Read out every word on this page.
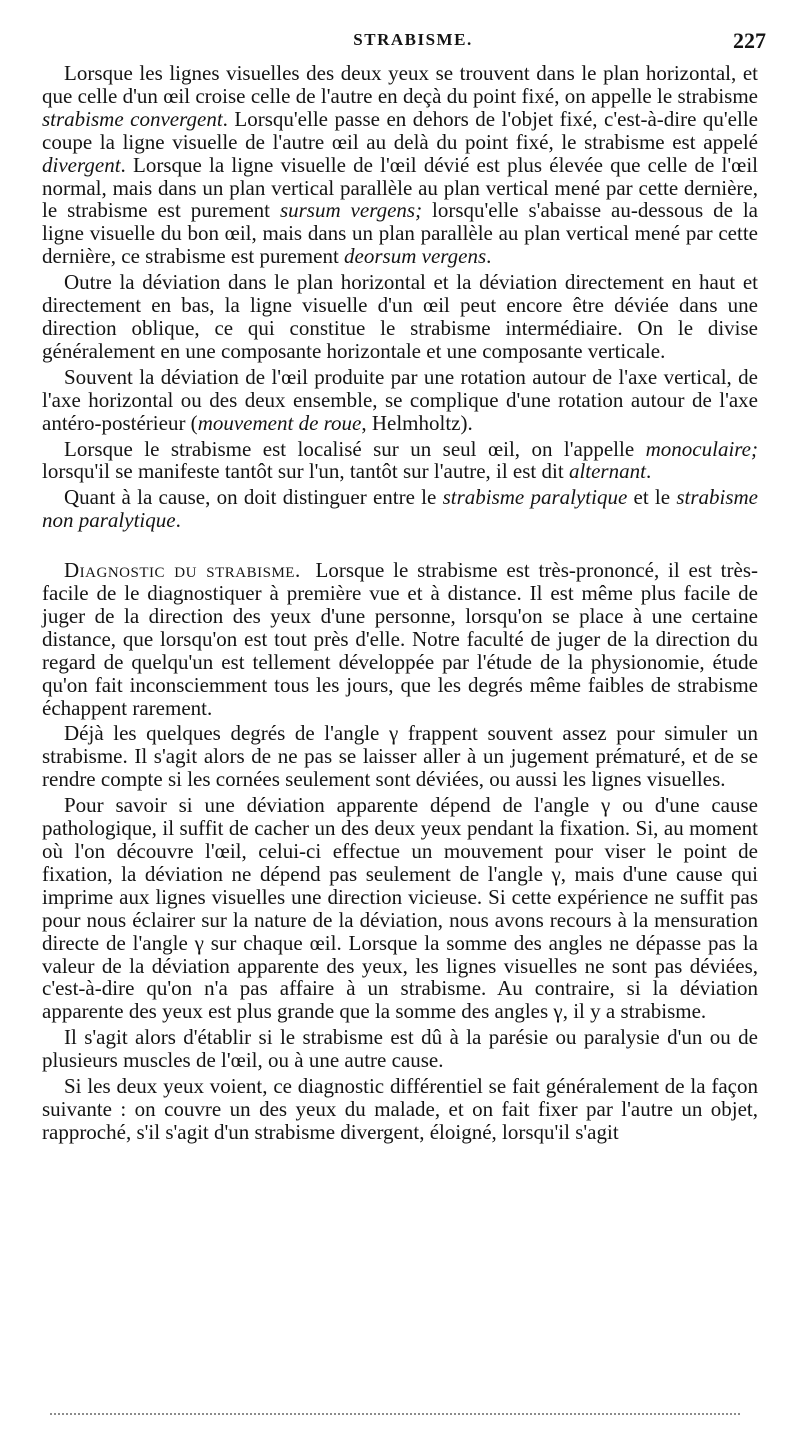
STRABISME.	227

Lorsque les lignes visuelles des deux yeux se trouvent dans le plan horizontal, et que celle d'un œil croise celle de l'autre en deçà du point fixé, on appelle le strabisme strabisme convergent. Lorsqu'elle passe en dehors de l'objet fixé, c'est-à-dire qu'elle coupe la ligne visuelle de l'autre œil au delà du point fixé, le strabisme est appelé divergent. Lorsque la ligne visuelle de l'œil dévié est plus élevée que celle de l'œil normal, mais dans un plan vertical parallèle au plan vertical mené par cette dernière, le strabisme est purement sursum vergens; lorsqu'elle s'abaisse au-dessous de la ligne visuelle du bon œil, mais dans un plan parallèle au plan vertical mené par cette dernière, ce strabisme est purement deorsum vergens.

Outre la déviation dans le plan horizontal et la déviation directement en haut et directement en bas, la ligne visuelle d'un œil peut encore être déviée dans une direction oblique, ce qui constitue le strabisme intermédiaire. On le divise généralement en une composante horizontale et une composante verticale.

Souvent la déviation de l'œil produite par une rotation autour de l'axe vertical, de l'axe horizontal ou des deux ensemble, se complique d'une rotation autour de l'axe antéro-postérieur (mouvement de roue, Helmholtz).

Lorsque le strabisme est localisé sur un seul œil, on l'appelle monoculaire; lorsqu'il se manifeste tantôt sur l'un, tantôt sur l'autre, il est dit alternant.

Quant à la cause, on doit distinguer entre le strabisme paralytique et le strabisme non paralytique.

Diagnostic du strabisme. Lorsque le strabisme est très-prononcé, il est très-facile de le diagnostiquer à première vue et à distance. Il est même plus facile de juger de la direction des yeux d'une personne, lorsqu'on se place à une certaine distance, que lorsqu'on est tout près d'elle. Notre faculté de juger de la direction du regard de quelqu'un est tellement développée par l'étude de la physionomie, étude qu'on fait inconsciemment tous les jours, que les degrés même faibles de strabisme échappent rarement.

Déjà les quelques degrés de l'angle γ frappent souvent assez pour simuler un strabisme. Il s'agit alors de ne pas se laisser aller à un jugement prématuré, et de se rendre compte si les cornées seulement sont déviées, ou aussi les lignes visuelles.

Pour savoir si une déviation apparente dépend de l'angle γ ou d'une cause pathologique, il suffit de cacher un des deux yeux pendant la fixation. Si, au moment où l'on découvre l'œil, celui-ci effectue un mouvement pour viser le point de fixation, la déviation ne dépend pas seulement de l'angle γ, mais d'une cause qui imprime aux lignes visuelles une direction vicieuse. Si cette expérience ne suffit pas pour nous éclairer sur la nature de la déviation, nous avons recours à la mensuration directe de l'angle γ sur chaque œil. Lorsque la somme des angles ne dépasse pas la valeur de la déviation apparente des yeux, les lignes visuelles ne sont pas déviées, c'est-à-dire qu'on n'a pas affaire à un strabisme. Au contraire, si la déviation apparente des yeux est plus grande que la somme des angles γ, il y a strabisme.

Il s'agit alors d'établir si le strabisme est dû à la parésie ou paralysie d'un ou de plusieurs muscles de l'œil, ou à une autre cause.

Si les deux yeux voient, ce diagnostic différentiel se fait généralement de la façon suivante : on couvre un des yeux du malade, et on fait fixer par l'autre un objet, rapproché, s'il s'agit d'un strabisme divergent, éloigné, lorsqu'il s'agit
